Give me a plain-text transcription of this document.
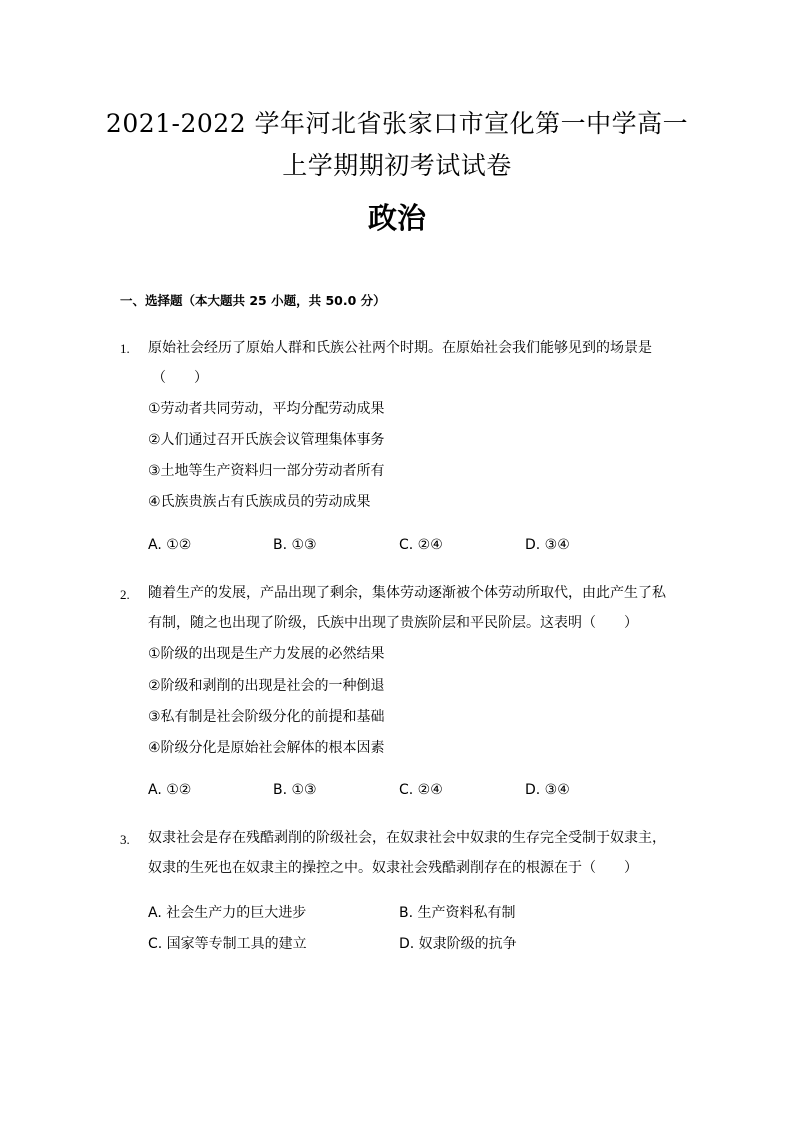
2021-2022 学年河北省张家口市宣化第一中学高一
上学期期初考试试卷
政治
一、选择题（本大题共 25 小题，共 50.0 分）
1. 原始社会经历了原始人群和氏族公社两个时期。在原始社会我们能够见到的场景是
（　　）
①劳动者共同劳动，平均分配劳动成果
②人们通过召开氏族会议管理集体事务
③土地等生产资料归一部分劳动者所有
④氏族贵族占有氏族成员的劳动成果
A. ①②	B. ①③	C. ②④	D. ③④
2. 随着生产的发展，产品出现了剩余，集体劳动逐渐被个体劳动所取代，由此产生了私
有制，随之也出现了阶级，氏族中出现了贵族阶层和平民阶层。这表明（　　）
①阶级的出现是生产力发展的必然结果
②阶级和剥削的出现是社会的一种倒退
③私有制是社会阶级分化的前提和基础
④阶级分化是原始社会解体的根本因素
A. ①②	B. ①③	C. ②④	D. ③④
3. 奴隶社会是存在残酷剥削的阶级社会，在奴隶社会中奴隶的生存完全受制于奴隶主，
奴隶的生死也在奴隶主的操控之中。奴隶社会残酷剥削存在的根源在于（　　）
A. 社会生产力的巨大进步	B. 生产资料私有制
C. 国家等专制工具的建立	D. 奴隶阶级的抗争
